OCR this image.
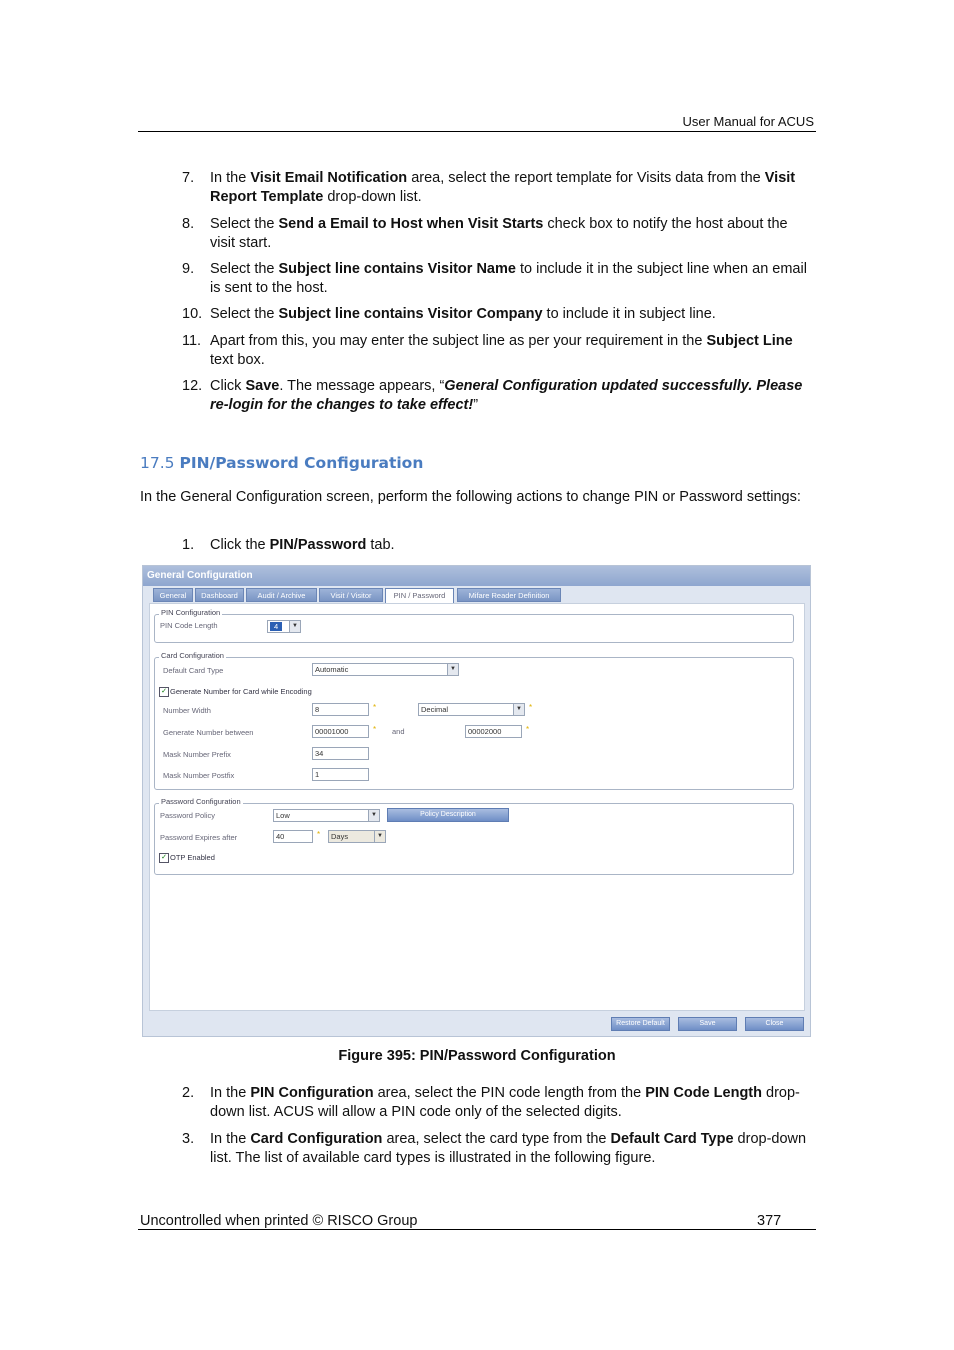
User Manual for ACUS
7. In the Visit Email Notification area, select the report template for Visits data from the Visit Report Template drop-down list.
8. Select the Send a Email to Host when Visit Starts check box to notify the host about the visit start.
9. Select the Subject line contains Visitor Name to include it in the subject line when an email is sent to the host.
10. Select the Subject line contains Visitor Company to include it in subject line.
11. Apart from this, you may enter the subject line as per your requirement in the Subject Line text box.
12. Click Save. The message appears, “General Configuration updated successfully. Please re-login for the changes to take effect!”
17.5 PIN/Password Configuration
In the General Configuration screen, perform the following actions to change PIN or Password settings:
1. Click the PIN/Password tab.
General Configuration
General	Dashboard	Audit / Archive	Visit / Visitor	PIN / Password	Mifare Reader Definition
PIN Configuration
PIN Code Length	4	▼
Card Configuration
Default Card Type	Automatic	▼
✓ Generate Number for Card while Encoding
Number Width	8	*	Decimal	▼ *
Generate Number between	00001000	* and	00002000	*
Mask Number Prefix	34
Mask Number Postfix	1
Password Configuration
Password Policy	Low	▼	Policy Description
Password Expires after	40	*	Days	▼
✓ OTP Enabled
Restore Default	Save	Close
Figure 395: PIN/Password Configuration
2. In the PIN Configuration area, select the PIN code length from the PIN Code Length drop-down list. ACUS will allow a PIN code only of the selected digits.
3. In the Card Configuration area, select the card type from the Default Card Type drop-down list. The list of available card types is illustrated in the following figure.
Uncontrolled when printed © RISCO Group	377
